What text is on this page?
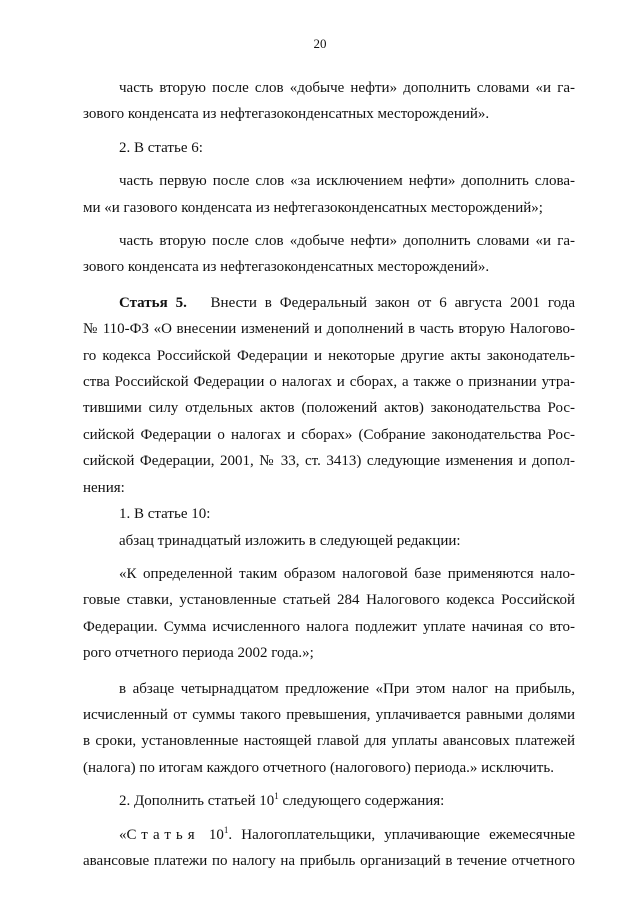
20

часть вторую после слов «добыче нефти» дополнить словами «и га-
зового конденсата из нефтегазоконденсатных месторождений».

2. В статье 6:

часть первую после слов «за исключением нефти» дополнить слова-
ми «и газового конденсата из нефтегазоконденсатных месторождений»;

часть вторую после слов «добыче нефти» дополнить словами «и га-
зового конденсата из нефтегазоконденсатных месторождений».

Статья 5. Внести в Федеральный закон от 6 августа 2001 года
№ 110-ФЗ «О внесении изменений и дополнений в часть вторую Налогово-
го кодекса Российской Федерации и некоторые другие акты законодатель-
ства Российской Федерации о налогах и сборах, а также о признании утра-
тившими силу отдельных актов (положений актов) законодательства Рос-
сийской Федерации о налогах и сборах» (Собрание законодательства Рос-
сийской Федерации, 2001, № 33, ст. 3413) следующие изменения и допол-
нения:

1. В статье 10:

абзац тринадцатый изложить в следующей редакции:

«К определенной таким образом налоговой базе применяются нало-
говые ставки, установленные статьей 284 Налогового кодекса Российской
Федерации. Сумма исчисленного налога подлежит уплате начиная со вто-
рого отчетного периода 2002 года.»;

в абзаце четырнадцатом предложение «При этом налог на прибыль,
исчисленный от суммы такого превышения, уплачивается равными долями
в сроки, установленные настоящей главой для уплаты авансовых платежей
(налога) по итогам каждого отчетного (налогового) периода.» исключить.

2. Дополнить статьей $10^1$ следующего содержания:

«Статья $10^1$. Налогоплательщики, уплачивающие ежемесячные
авансовые платежи по налогу на прибыль организаций в течение отчетного
